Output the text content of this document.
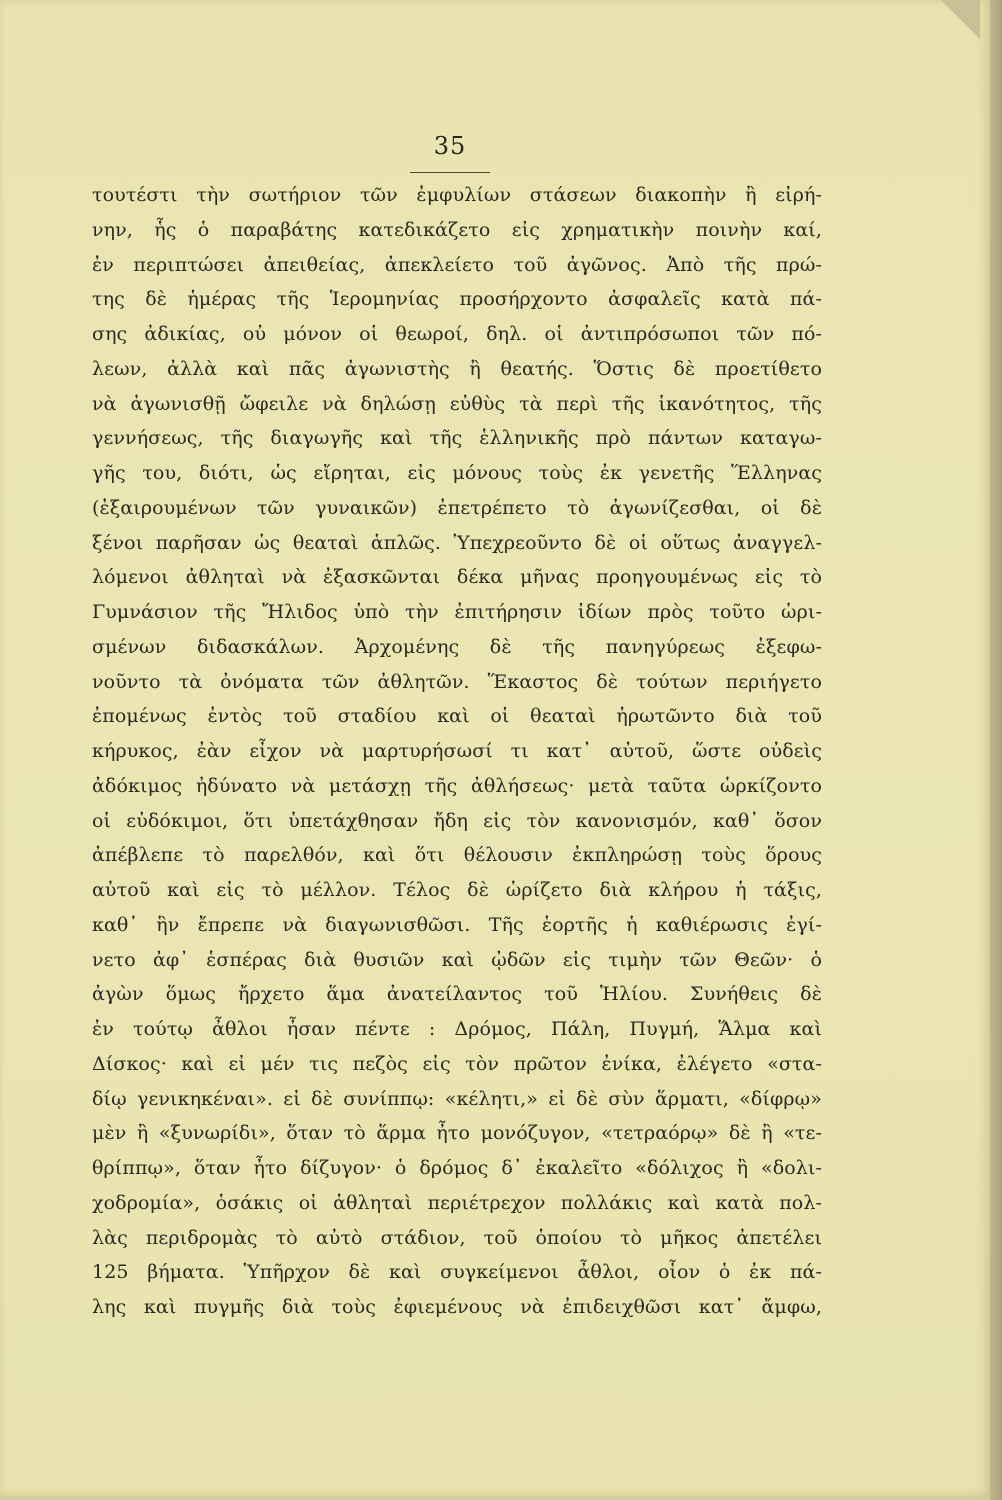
35
τουτέστι τὴν σωτήριον τῶν ἐμφυλίων στάσεων διακοπὴν ἢ εἰρή-
νην, ἧς ὁ παραβάτης κατεδικάζετο εἰς χρηματικὴν ποινὴν καί,
ἐν περιπτώσει ἀπειθείας, ἀπεκλείετο τοῦ ἀγῶνος. Ἀπὸ τῆς πρώ-
της δὲ ἡμέρας τῆς Ἱερομηνίας προσήρχοντο ἀσφαλεῖς κατὰ πά-
σης ἀδικίας, οὐ μόνον οἱ θεωροί, δηλ. οἱ ἀντιπρόσωποι τῶν πό-
λεων, ἀλλὰ καὶ πᾶς ἀγωνιστὴς ἢ θεατής. Ὅστις δὲ προετίθετο
νὰ ἀγωνισθῇ ὤφειλε νὰ δηλώσῃ εὐθὺς τὰ περὶ τῆς ἱκανότητος, τῆς
γεννήσεως, τῆς διαγωγῆς καὶ τῆς ἑλληνικῆς πρὸ πάντων καταγω-
γῆς του, διότι, ὡς εἴρηται, εἰς μόνους τοὺς ἐκ γενετῆς Ἕλληνας
(ἐξαιρουμένων τῶν γυναικῶν) ἐπετρέπετο τὸ ἀγωνίζεσθαι, οἱ δὲ
ξένοι παρῆσαν ὡς θεαταὶ ἁπλῶς. Ὑπεχρεοῦντο δὲ οἱ οὕτως ἀναγγελ-
λόμενοι ἀθληταὶ νὰ ἐξασκῶνται δέκα μῆνας προηγουμένως εἰς τὸ
Γυμνάσιον τῆς Ἤλιδος ὑπὸ τὴν ἐπιτήρησιν ἰδίων πρὸς τοῦτο ὡρι-
σμένων διδασκάλων. Ἀρχομένης δὲ τῆς πανηγύρεως ἐξεφω-
νοῦντο τὰ ὀνόματα τῶν ἀθλητῶν. Ἕκαστος δὲ τούτων περιήγετο
ἐπομένως ἐντὸς τοῦ σταδίου καὶ οἱ θεαταὶ ἠρωτῶντο διὰ τοῦ
κήρυκος, ἐὰν εἶχον νὰ μαρτυρήσωσί τι κατ᾽ αὐτοῦ, ὥστε οὐδεὶς
ἀδόκιμος ἠδύνατο νὰ μετάσχῃ τῆς ἀθλήσεως· μετὰ ταῦτα ὡρκίζοντο
οἱ εὐδόκιμοι, ὅτι ὑπετάχθησαν ἤδη εἰς τὸν κανονισμόν, καθ᾽ ὅσον
ἀπέβλεπε τὸ παρελθόν, καὶ ὅτι θέλουσιν ἐκπληρώσῃ τοὺς ὅρους
αὐτοῦ καὶ εἰς τὸ μέλλον. Τέλος δὲ ὡρίζετο διὰ κλήρου ἡ τάξις,
καθ᾽ ἣν ἔπρεπε νὰ διαγωνισθῶσι. Τῆς ἑορτῆς ἡ καθιέρωσις ἐγί-
νετο ἀφ᾽ ἑσπέρας διὰ θυσιῶν καὶ ᾠδῶν εἰς τιμὴν τῶν Θεῶν· ὁ
ἀγὼν ὅμως ἤρχετο ἅμα ἀνατείλαντος τοῦ Ἡλίου. Συνήθεις δὲ
ἐν τούτῳ ἆθλοι ἦσαν πέντε : Δρόμος, Πάλη, Πυγμή, Ἅλμα καὶ
Δίσκος· καὶ εἰ μέν τις πεζὸς εἰς τὸν πρῶτον ἐνίκα, ἐλέγετο «στα-
δίῳ γενικηκέναι». εἰ δὲ συνίππῳ: «κέλητι,» εἰ δὲ σὺν ἅρματι, «δίφρῳ»
μὲν ἢ «ξυνωρίδι», ὅταν τὸ ἅρμα ἦτο μονόζυγον, «τετραόρῳ» δὲ ἢ «τε-
θρίππῳ», ὅταν ἦτο δίζυγον· ὁ δρόμος δ᾽ ἐκαλεῖτο «δόλιχος ἢ «δολι-
χοδρομία», ὁσάκις οἱ ἀθληταὶ περιέτρεχον πολλάκις καὶ κατὰ πολ-
λὰς περιδρομὰς τὸ αὐτὸ στάδιον, τοῦ ὁποίου τὸ μῆκος ἀπετέλει
125 βήματα. Ὑπῆρχον δὲ καὶ συγκείμενοι ἆθλοι, οἷον ὁ ἐκ πά-
λης καὶ πυγμῆς διὰ τοὺς ἐφιεμένους νὰ ἐπιδειχθῶσι κατ᾽ ἄμφω,
